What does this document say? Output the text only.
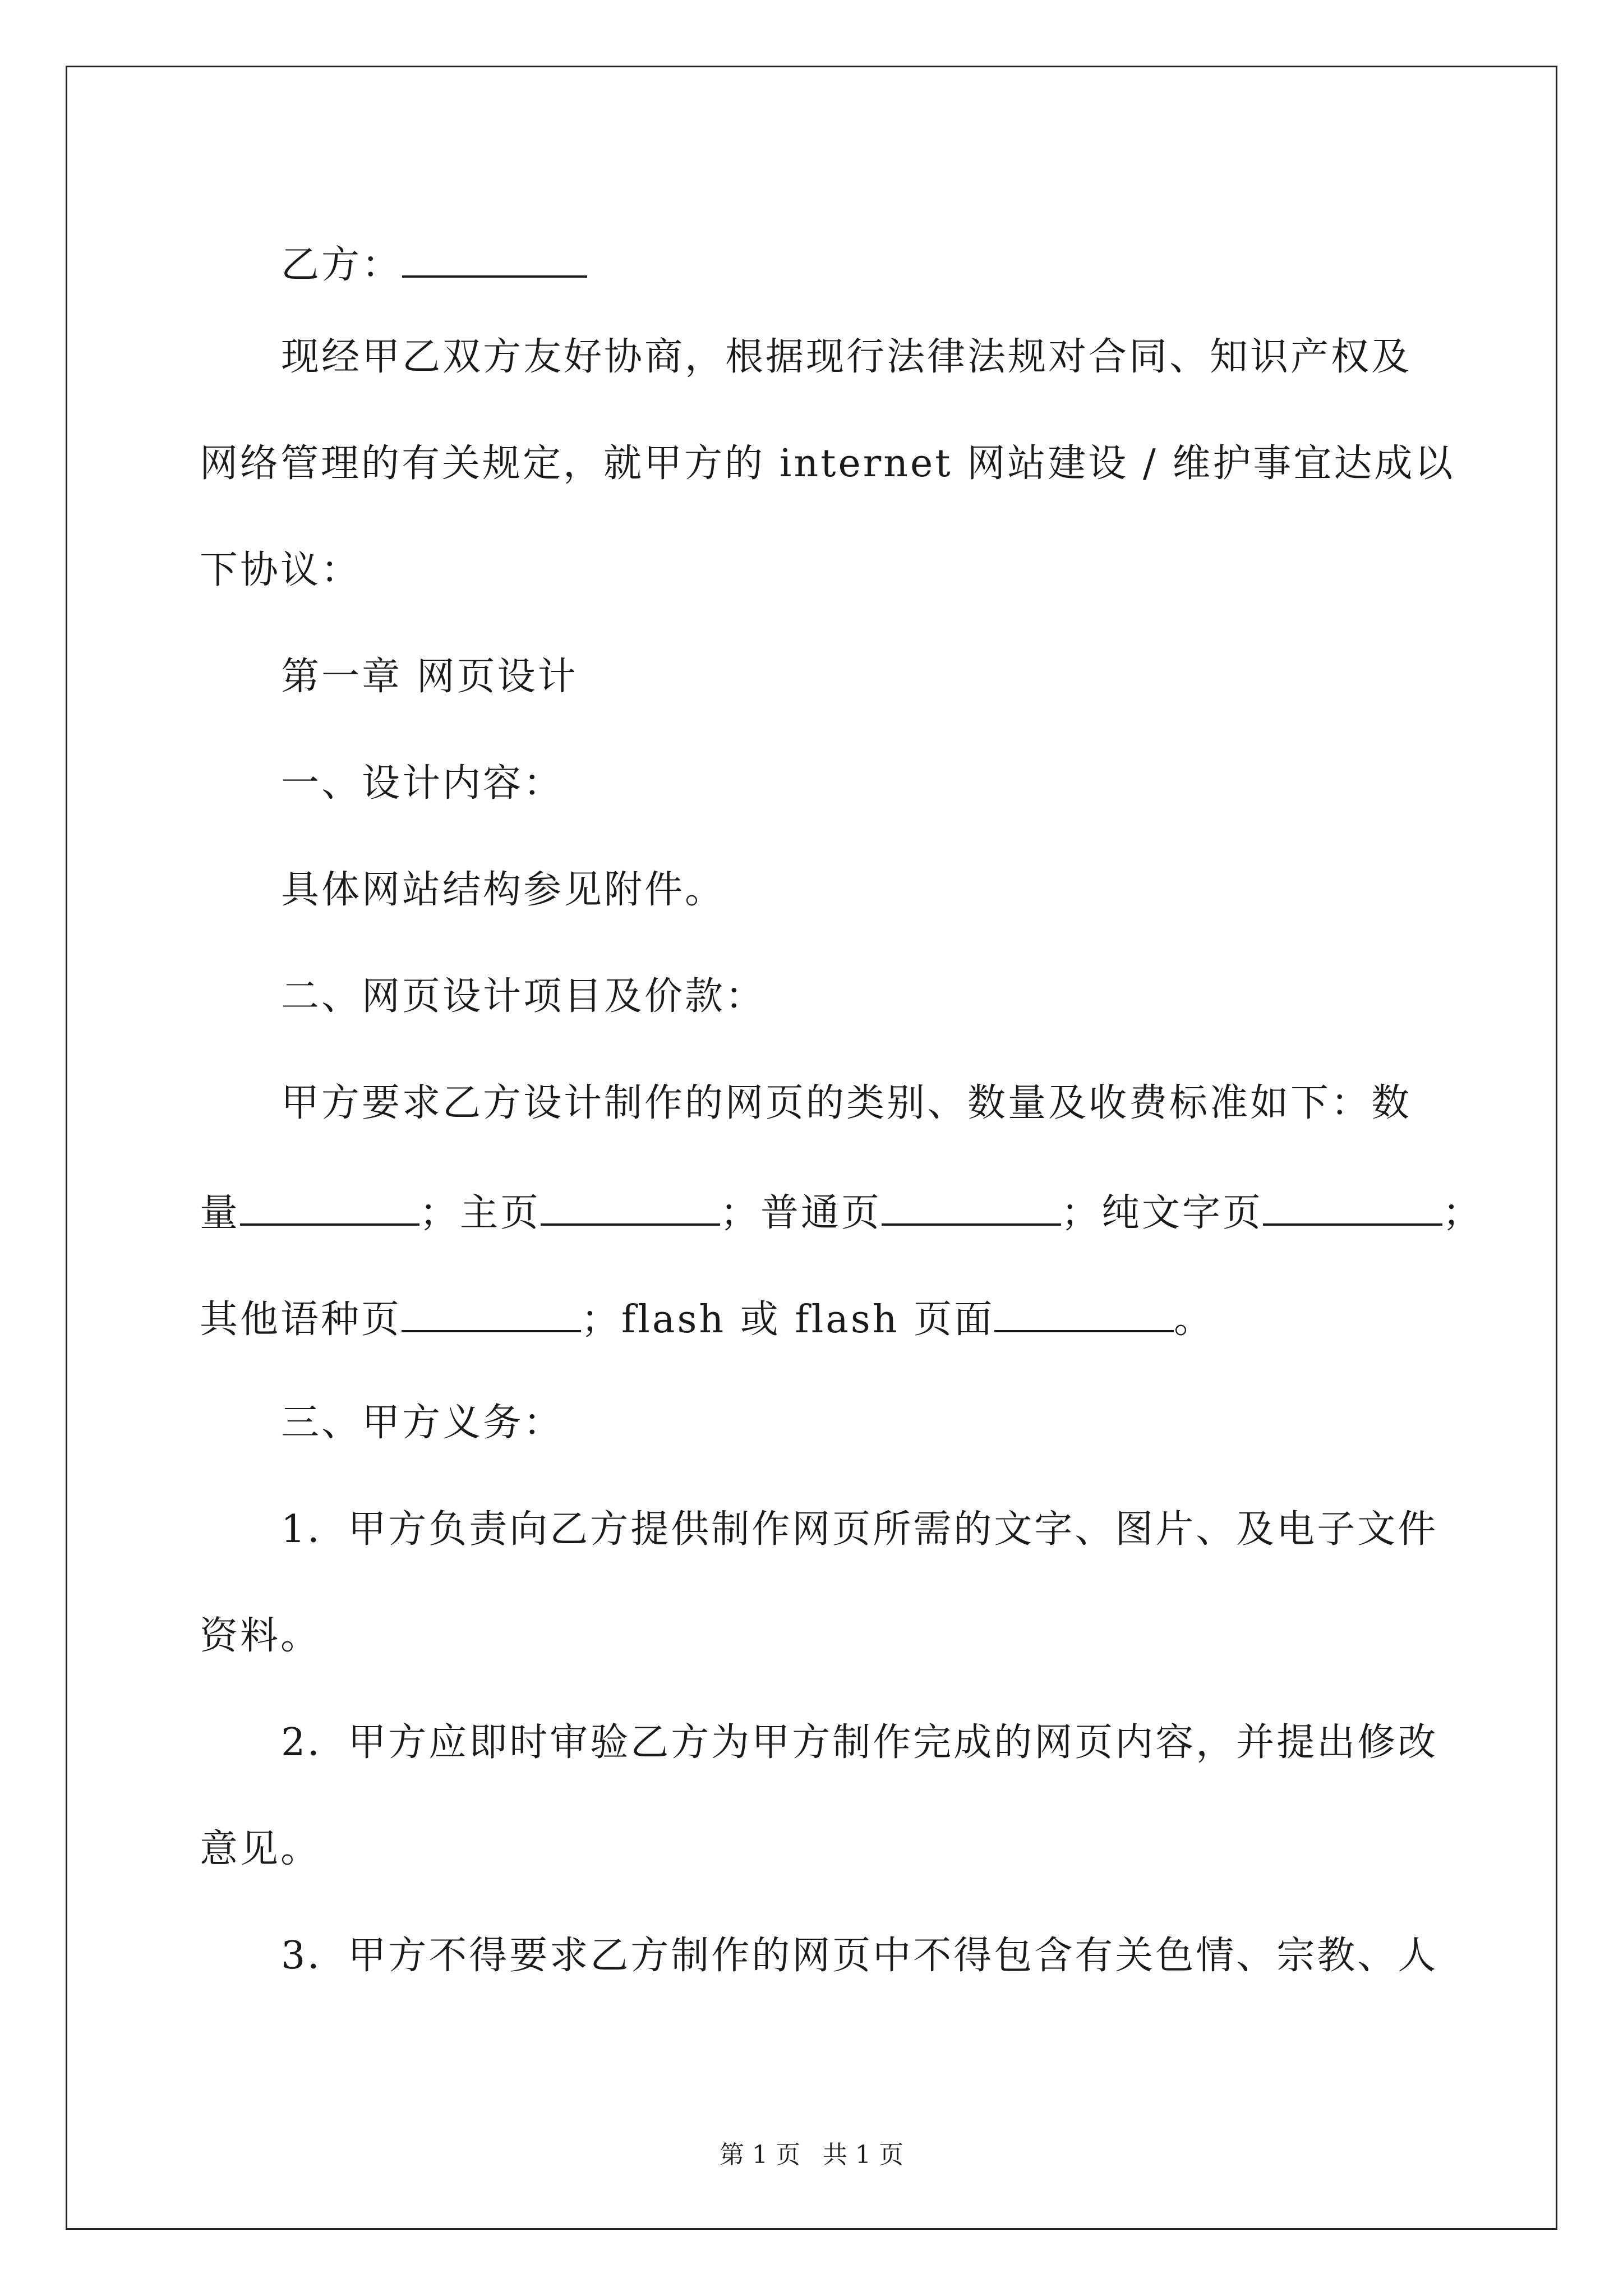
乙方：
现经甲乙双方友好协商，根据现行法律法规对合同、知识产权及
网络管理的有关规定，就甲方的 internet 网站建设 / 维护事宜达成以
下协议：
第一章 网页设计
一、设计内容：
具体网站结构参见附件。
二、网页设计项目及价款：
甲方要求乙方设计制作的网页的类别、数量及收费标准如下：数
量	；主页	；普通页	；纯文字页	；
其他语种页	；flash 或 flash 页面	。
三、甲方义务：
1．甲方负责向乙方提供制作网页所需的文字、图片、及电子文件
资料。
2．甲方应即时审验乙方为甲方制作完成的网页内容，并提出修改
意见。
3．甲方不得要求乙方制作的网页中不得包含有关色情、宗教、人
第 1 页 共 1 页
